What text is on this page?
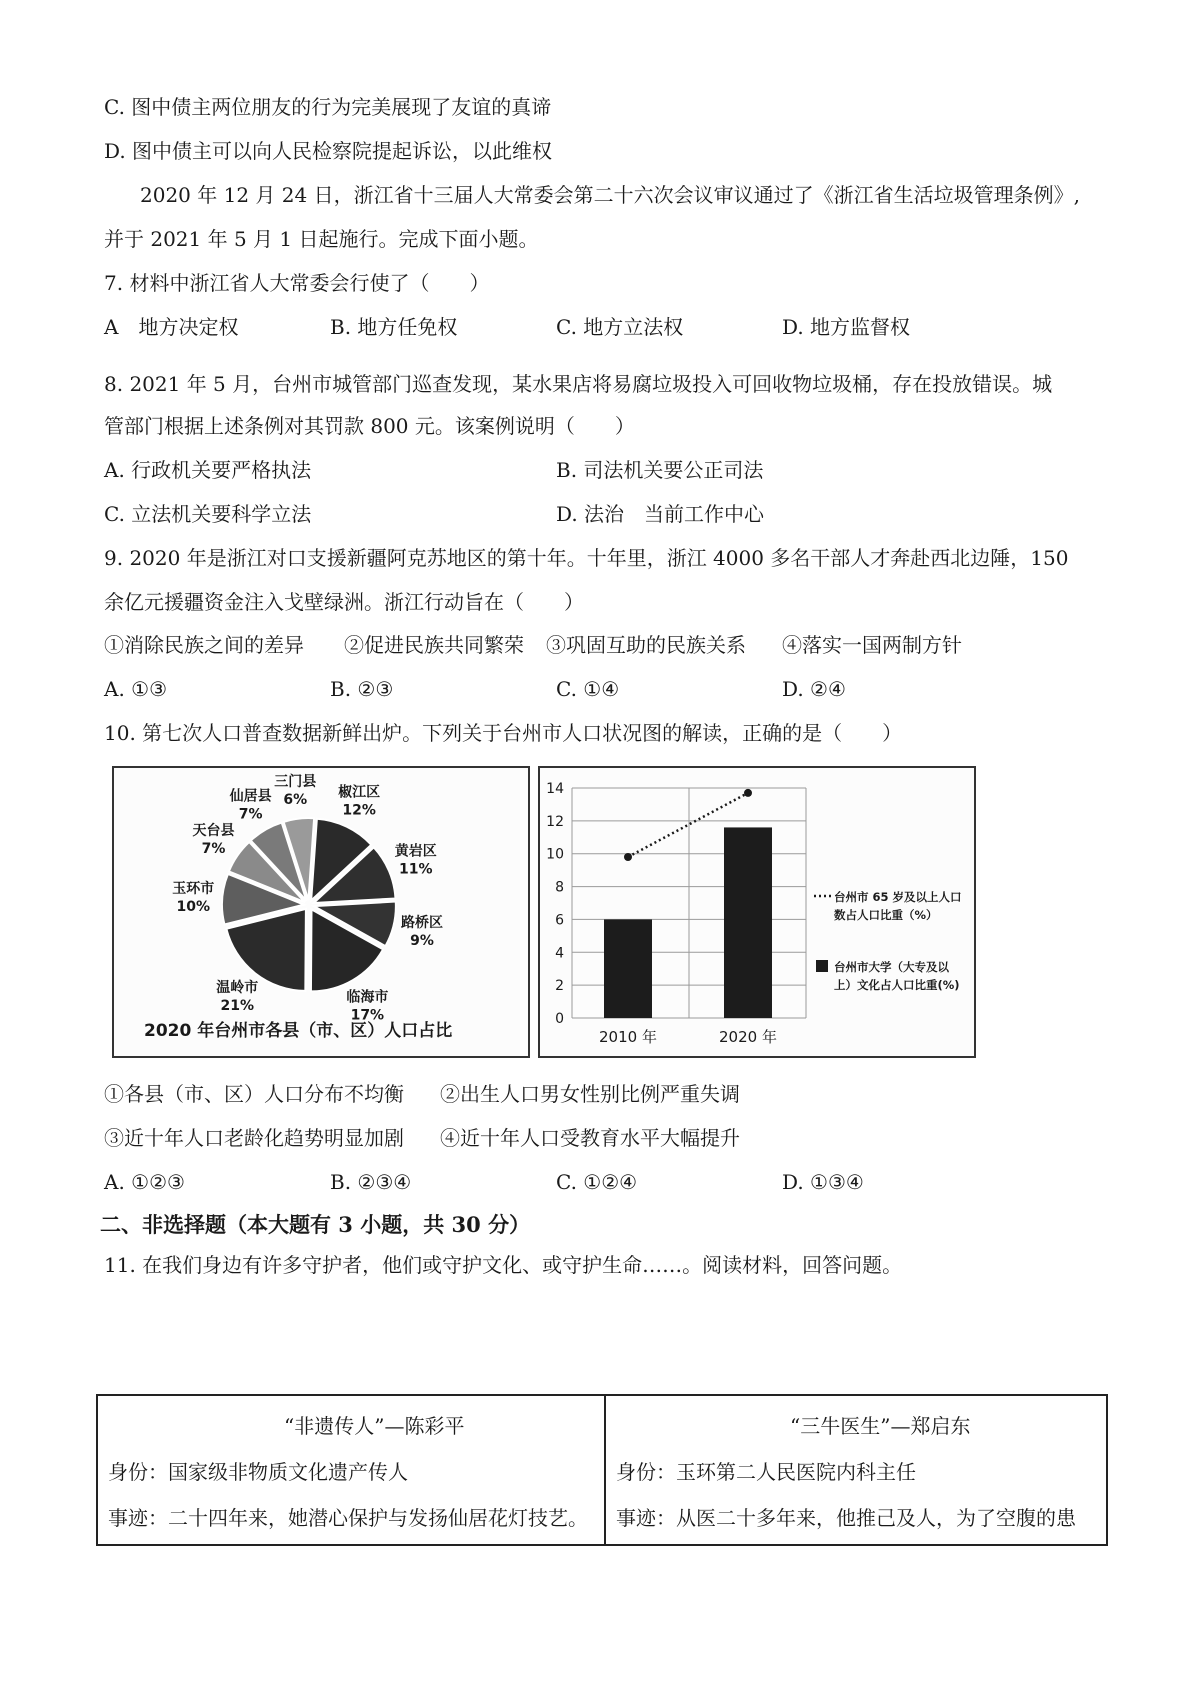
C. 图中债主两位朋友的行为完美展现了友谊的真谛
D. 图中债主可以向人民检察院提起诉讼，以此维权
2020 年 12 月 24 日，浙江省十三届人大常委会第二十六次会议审议通过了《浙江省生活垃圾管理条例》,
并于 2021 年 5 月 1 日起施行。完成下面小题。
7. 材料中浙江省人大常委会行使了（　　）
A　地方决定权	B. 地方任免权	C. 地方立法权	D. 地方监督权
8. 2021 年 5 月，台州市城管部门巡查发现，某水果店将易腐垃圾投入可回收物垃圾桶，存在投放错误。城
管部门根据上述条例对其罚款 800 元。该案例说明（　　）
A. 行政机关要严格执法	B. 司法机关要公正司法
C. 立法机关要科学立法	D. 法治　当前工作中心
9. 2020 年是浙江对口支援新疆阿克苏地区的第十年。十年里，浙江 4000 多名干部人才奔赴西北边陲，150
余亿元援疆资金注入戈壁绿洲。浙江行动旨在（　　）
①消除民族之间的差异 ②促进民族共同繁荣 ③巩固互助的民族关系 ④落实一国两制方针
A. ①③	B. ②③	C. ①④	D. ②④
10. 第七次人口普查数据新鲜出炉。下列关于台州市人口状况图的解读，正确的是（　　）
椒江区
12%
黄岩区
11%
路桥区
9%
临海市
17%
温岭市
21%
玉环市
10%
天台县
7%
仙居县
7%
三门县
6%
2020 年台州市各县（市、区）人口占比
0
2
4
6
8
10
12
14
2010 年	2020 年
台州市 65 岁及以上人口
数占人口比重（%）
台州市大学（大专及以
上）文化占人口比重(%)
①各县（市、区）人口分布不均衡 ②出生人口男女性别比例严重失调
③近十年人口老龄化趋势明显加剧 ④近十年人口受教育水平大幅提升
A. ①②③	B. ②③④	C. ①②④	D. ①③④
二、非选择题（本大题有 3 小题，共 30 分）
11. 在我们身边有许多守护者，他们或守护文化、或守护生命……。阅读材料，回答问题。
“非遗传人”—陈彩平
身份：国家级非物质文化遗产传人
事迹：二十四年来，她潜心保护与发扬仙居花灯技艺。
“三牛医生”—郑启东
身份：玉环第二人民医院内科主任
事迹：从医二十多年来，他推己及人，为了空腹的患
